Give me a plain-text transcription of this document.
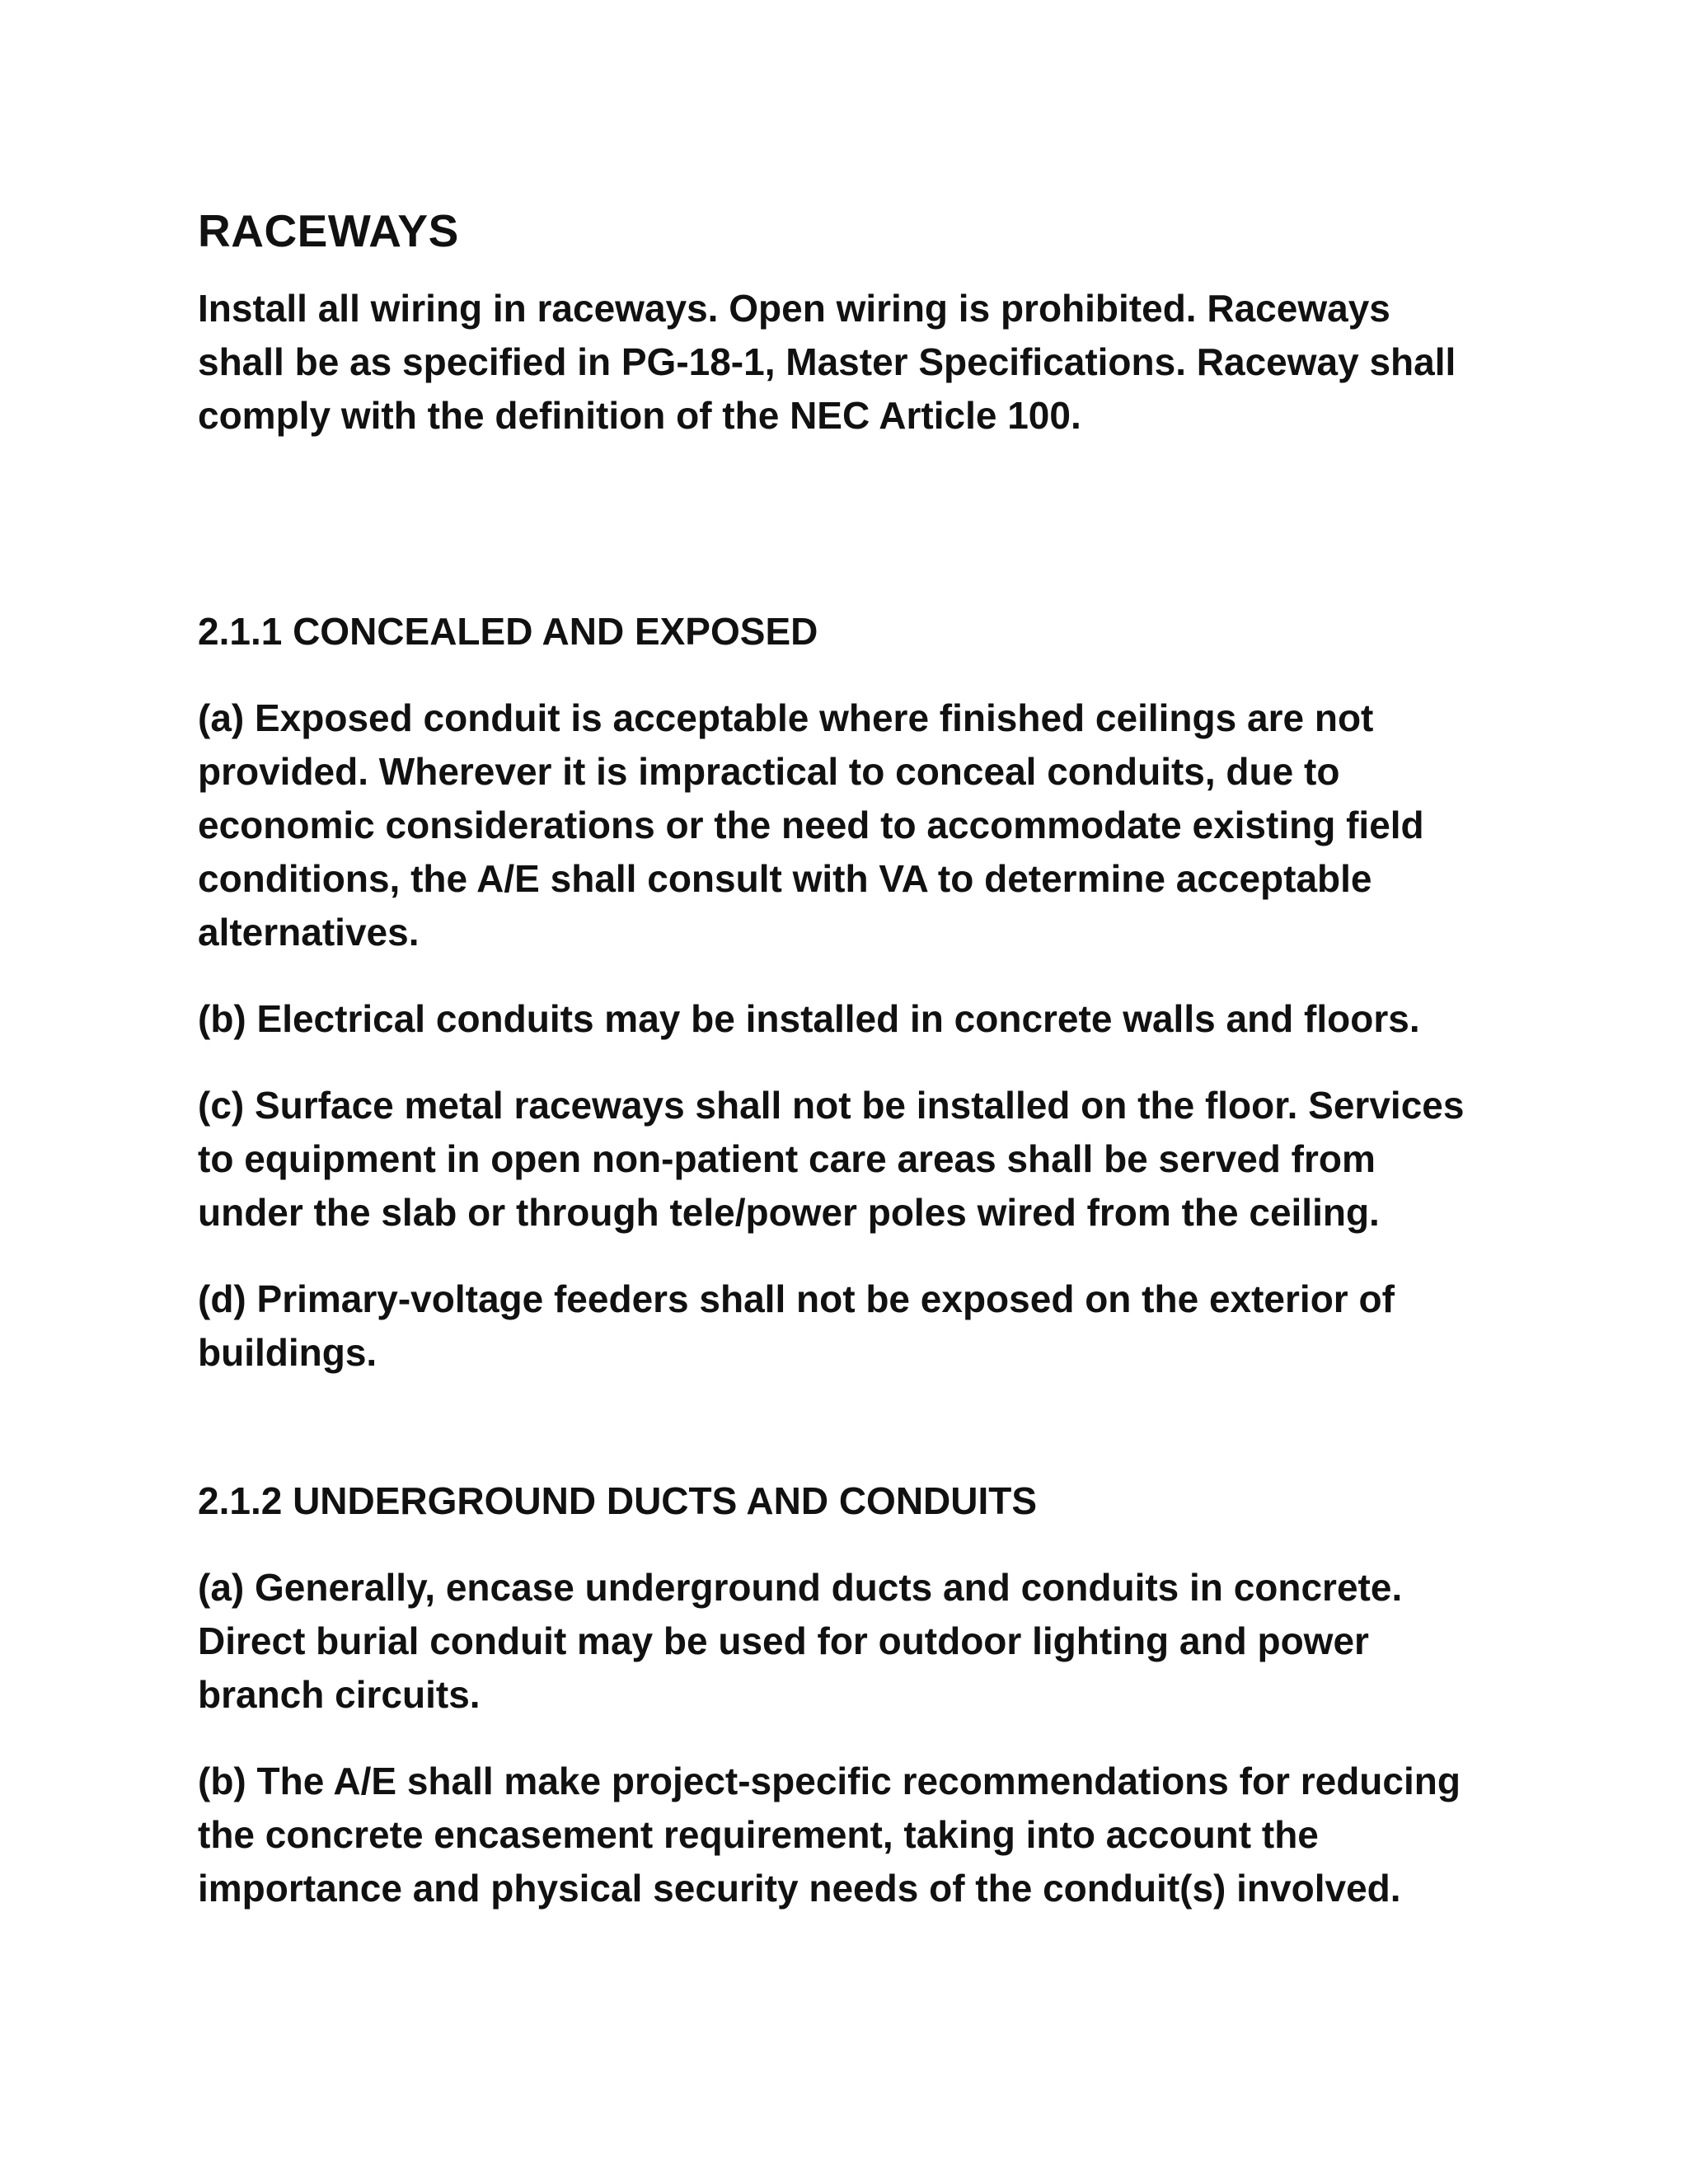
RACEWAYS

Install all wiring in raceways. Open wiring is prohibited. Raceways shall be as specified in PG-18-1, Master Specifications. Raceway shall comply with the definition of the NEC Article 100.

2.1.1 CONCEALED AND EXPOSED

(a) Exposed conduit is acceptable where finished ceilings are not provided. Wherever it is impractical to conceal conduits, due to economic considerations or the need to accommodate existing field conditions, the A/E shall consult with VA to determine acceptable alternatives.

(b) Electrical conduits may be installed in concrete walls and floors.

(c) Surface metal raceways shall not be installed on the floor. Services to equipment in open non-patient care areas shall be served from under the slab or through tele/power poles wired from the ceiling.

(d) Primary-voltage feeders shall not be exposed on the exterior of buildings.

2.1.2 UNDERGROUND DUCTS AND CONDUITS

(a) Generally, encase underground ducts and conduits in concrete. Direct burial conduit may be used for outdoor lighting and power branch circuits.

(b) The A/E shall make project-specific recommendations for reducing the concrete encasement requirement, taking into account the importance and physical security needs of the conduit(s) involved.
